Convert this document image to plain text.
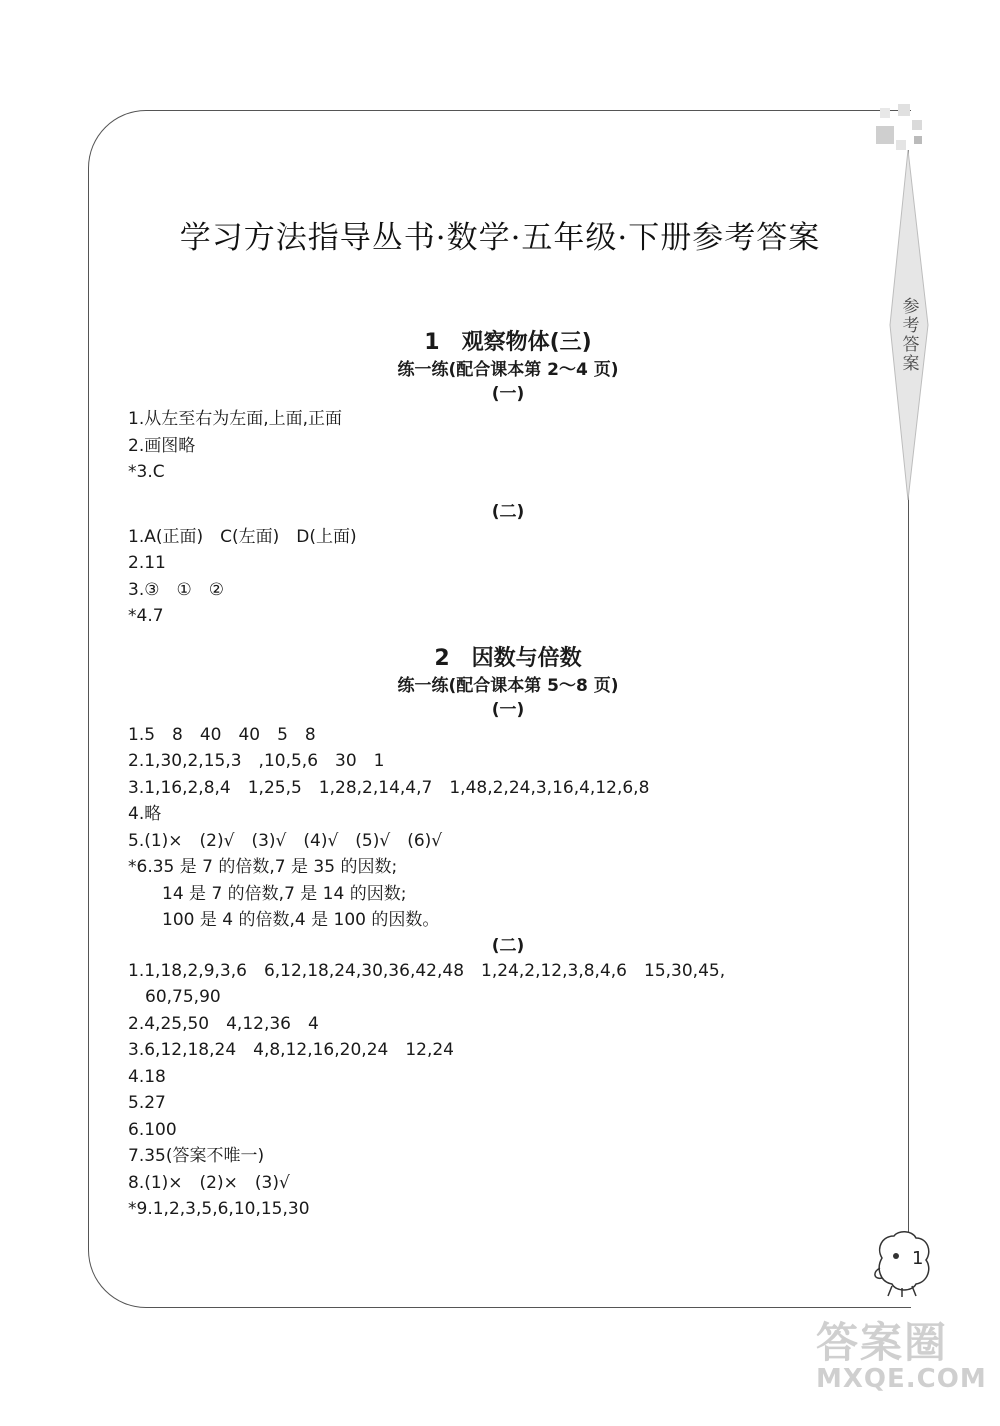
参考答案
学习方法指导丛书·数学·五年级·下册参考答案
1　观察物体(三)
练一练(配合课本第 2～4 页)
(一)
1.从左至右为左面,上面,正面
2.画图略
*3.C
(二)
1.A(正面)　C(左面)　D(上面)
2.11
3.③　①　②
*4.7
2　因数与倍数
练一练(配合课本第 5～8 页)
(一)
1.5　8　40　40　5　8
2.1,30,2,15,3　,10,5,6　30　1
3.1,16,2,8,4　1,25,5　1,28,2,14,4,7　1,48,2,24,3,16,4,12,6,8
4.略
5.(1)×　(2)√　(3)√　(4)√　(5)√　(6)√
*6.35 是 7 的倍数,7 是 35 的因数;
　　14 是 7 的倍数,7 是 14 的因数;
　　100 是 4 的倍数,4 是 100 的因数。
(二)
1.1,18,2,9,3,6　6,12,18,24,30,36,42,48　1,24,2,12,3,8,4,6　15,30,45,
　60,75,90
2.4,25,50　4,12,36　4
3.6,12,18,24　4,8,12,16,20,24　12,24
4.18
5.27
6.100
7.35(答案不唯一)
8.(1)×　(2)×　(3)√
*9.1,2,3,5,6,10,15,30
1
答案圈
MXQE.COM
